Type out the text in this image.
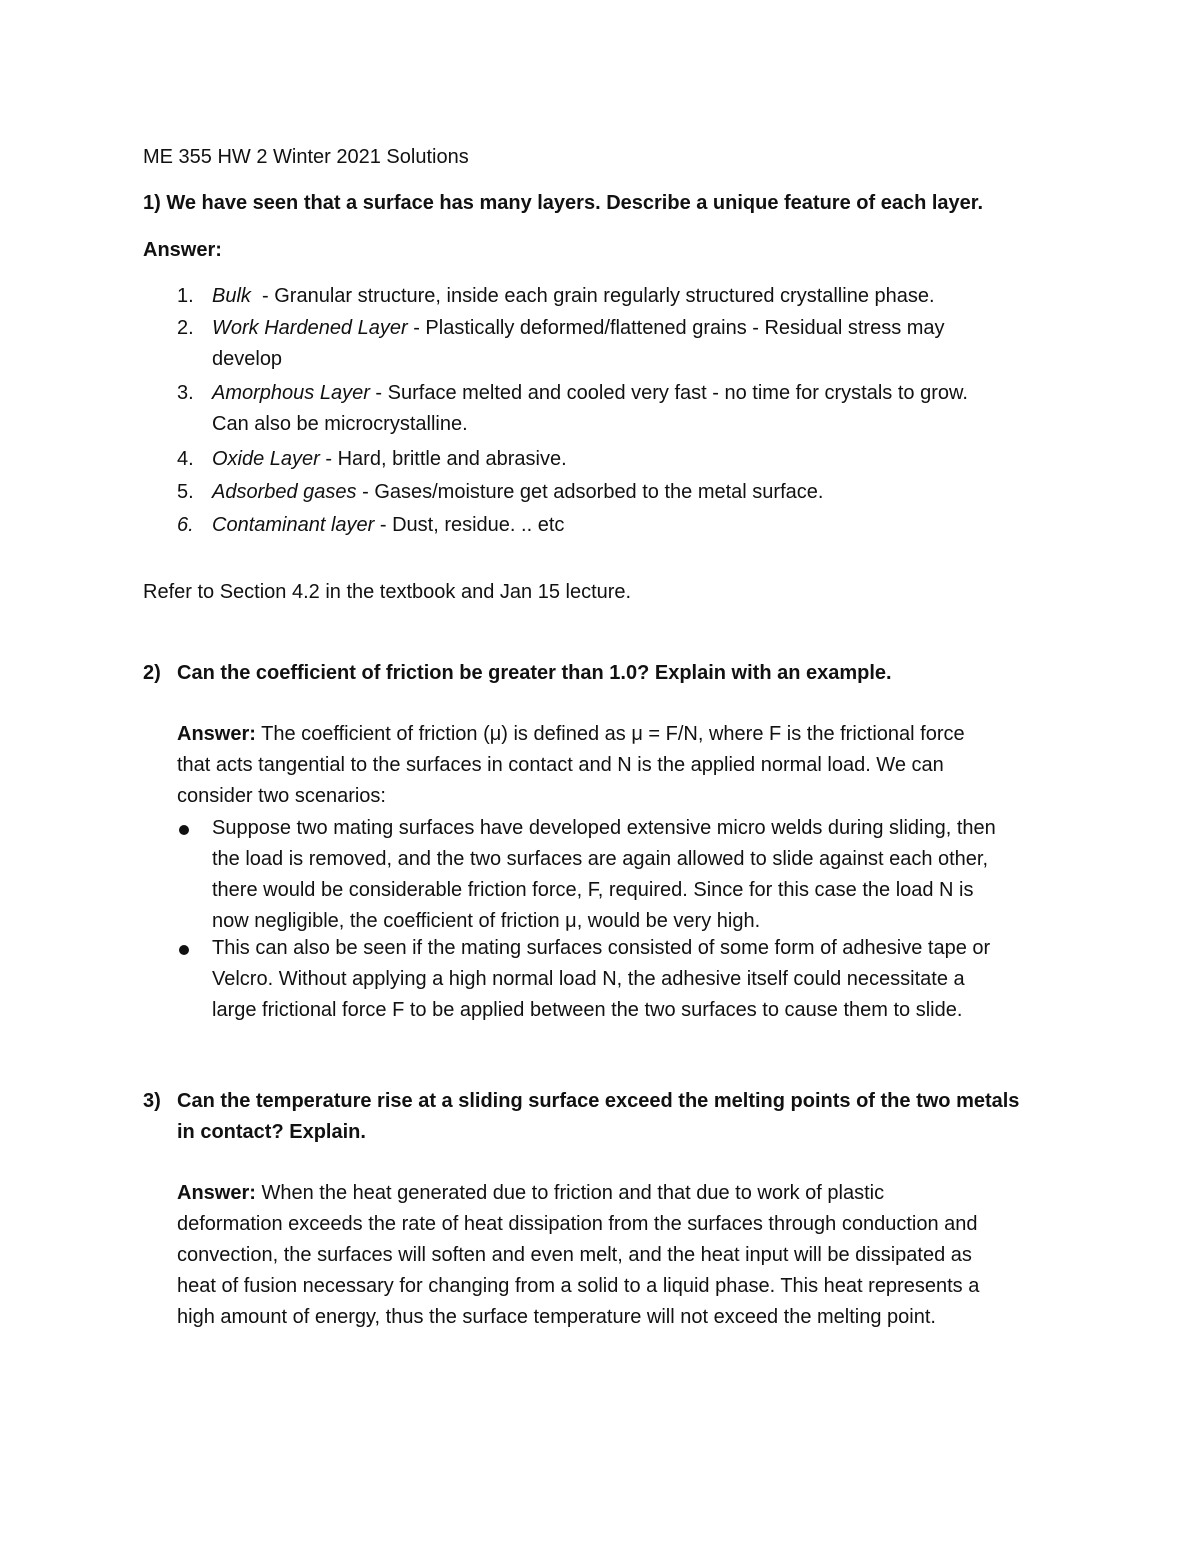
ME 355 HW 2 Winter 2021 Solutions

1) We have seen that a surface has many layers. Describe a unique feature of each layer.

Answer:

1. Bulk  - Granular structure, inside each grain regularly structured crystalline phase.

2. Work Hardened Layer - Plastically deformed/flattened grains - Residual stress may
develop

3. Amorphous Layer - Surface melted and cooled very fast - no time for crystals to grow.
Can also be microcrystalline.

4. Oxide Layer - Hard, brittle and abrasive.

5. Adsorbed gases - Gases/moisture get adsorbed to the metal surface.

6. Contaminant layer - Dust, residue. .. etc

Refer to Section 4.2 in the textbook and Jan 15 lecture.

2) Can the coefficient of friction be greater than 1.0? Explain with an example.

Answer: The coefficient of friction (μ) is defined as μ = F/N, where F is the frictional force
that acts tangential to the surfaces in contact and N is the applied normal load. We can
consider two scenarios:

Suppose two mating surfaces have developed extensive micro welds during sliding, then
the load is removed, and the two surfaces are again allowed to slide against each other,
there would be considerable friction force, F, required. Since for this case the load N is
now negligible, the coefficient of friction μ, would be very high.

This can also be seen if the mating surfaces consisted of some form of adhesive tape or
Velcro. Without applying a high normal load N, the adhesive itself could necessitate a
large frictional force F to be applied between the two surfaces to cause them to slide.

3) Can the temperature rise at a sliding surface exceed the melting points of the two metals
in contact? Explain.

Answer: When the heat generated due to friction and that due to work of plastic
deformation exceeds the rate of heat dissipation from the surfaces through conduction and
convection, the surfaces will soften and even melt, and the heat input will be dissipated as
heat of fusion necessary for changing from a solid to a liquid phase. This heat represents a
high amount of energy, thus the surface temperature will not exceed the melting point.
